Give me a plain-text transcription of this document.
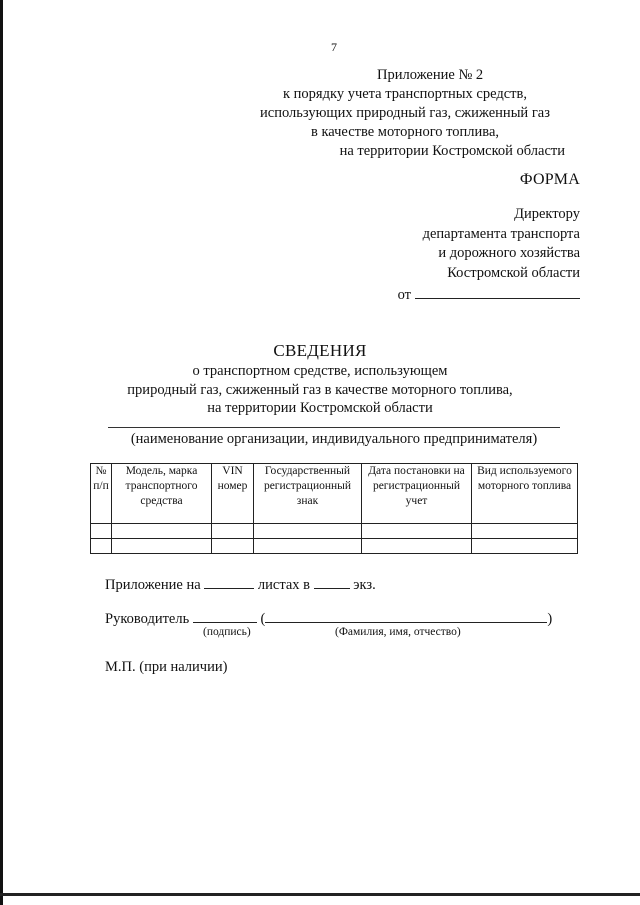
7
Приложение № 2
к порядку учета транспортных средств,
использующих природный газ, сжиженный газ
в качестве моторного топлива,
на территории Костромской области
ФОРМА
Директору
департамента транспорта
и дорожного хозяйства
Костромской области
от
СВЕДЕНИЯ
о транспортном средстве, использующем
природный газ, сжиженный газ в качестве моторного топлива,
на территории Костромской области
(наименование организации, индивидуального предпринимателя)
№ п/п	Модель, марка транспортного средства	VIN номер	Государственный регистрационный знак	Дата постановки на регистрационный учет	Вид используемого моторного топлива

Приложение на	листах в	экз.
Руководитель	(	)
(подпись)	(Фамилия, имя, отчество)
М.П. (при наличии)
